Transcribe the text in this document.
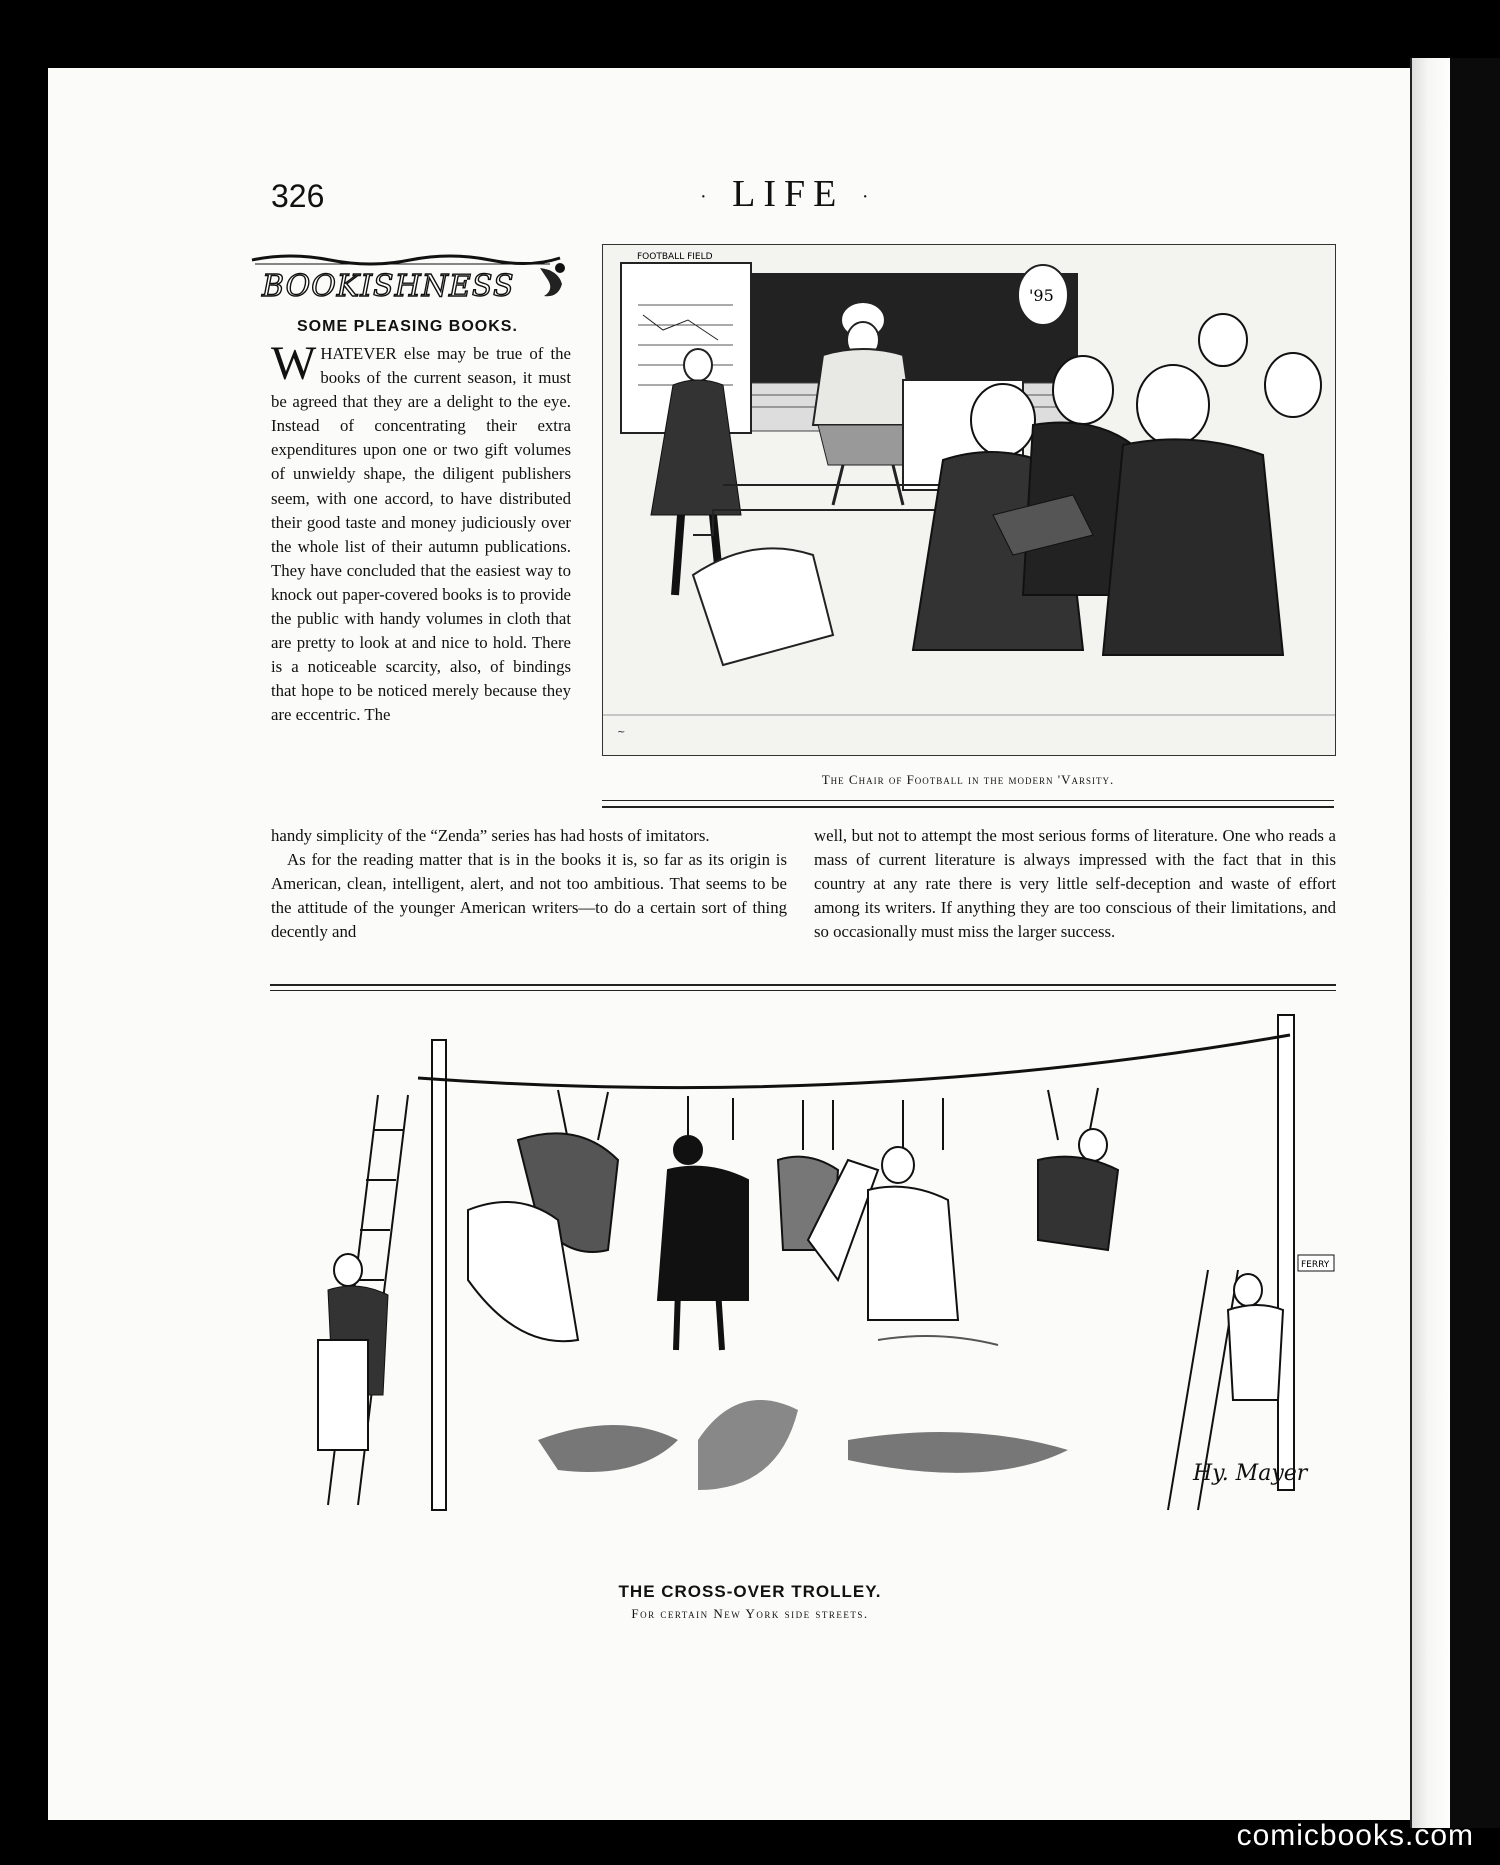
326	· LIFE ·
BOOKISHNESS
SOME PLEASING BOOKS.
W HATEVER else may be true of the books of the current season, it must be agreed that they are a delight to the eye. Instead of concentrating their extra expenditures upon one or two gift volumes of unwieldy shape, the diligent publishers seem, with one accord, to have distributed their good taste and money judiciously over the whole list of their autumn publications. They have concluded that the easiest way to knock out paper-covered books is to provide the public with handy volumes in cloth that are pretty to look at and nice to hold. There is a noticeable scarcity, also, of bindings that hope to be noticed merely because they are eccentric. The

handy simplicity of the “Zenda” series has had hosts of imitators.

As for the reading matter that is in the books it is, so far as its origin is American, clean, intelligent, alert, and not too ambitious. That seems to be the attitude of the younger American writers—to do a certain sort of thing decently and

well, but not to attempt the most serious forms of literature. One who reads a mass of current literature is always impressed with the fact that in this country at any rate there is very little self-deception and waste of effort among its writers. If anything they are too conscious of their limitations, and so occasionally must miss the larger success.

FOOTBALL FIELD
'95
~
The Chair of Football in the modern 'Varsity.
FERRY
Hy. Mayer
THE CROSS-OVER TROLLEY.
For certain New York side streets.
comicbooks.com
